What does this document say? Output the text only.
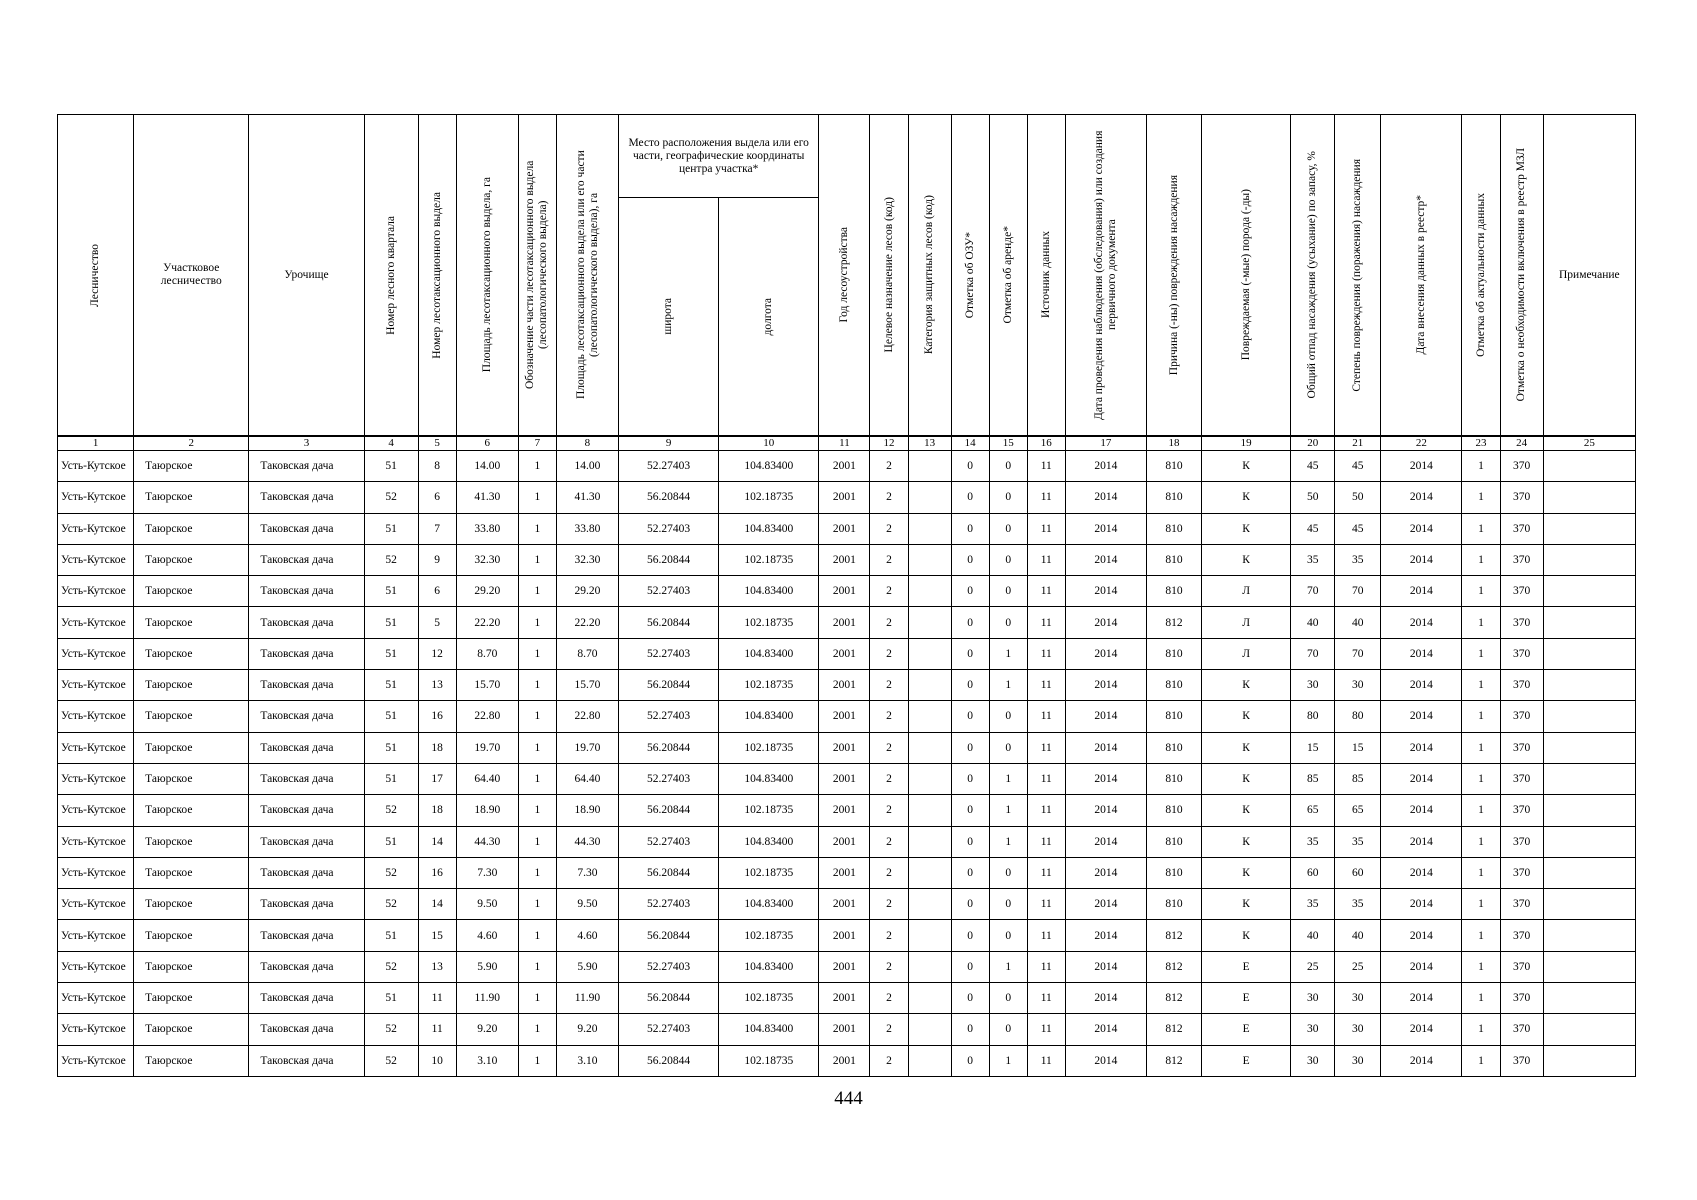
Лесничество	Участковое лесничество	Урочище	Номер лесного квартала	Номер лесотаксационного выдела	Площадь лесотаксационного выдела, га	Обозначение части лесотаксационного выдела (лесопатологического выдела)	Площадь лесотаксационного выдела или его части (лесопатологического выдела), га	Место расположения выдела или его части, географические координаты центра участка*		Год лесоустройства	Целевое назначение лесов (код)	Категория защитных лесов (код)	Отметка об ОЗУ*	Отметка об аренде*	Источник данных	Дата проведения наблюдения (обследования) или создания первичного документа	Причина (-ны) повреждения насаждения	Повреждаемая (-мые) порода (-ды)	Общий отпад насаждения (усыхание) по запасу, %	Степень повреждения (поражения) насаждения	Дата внесения данных в реестр*	Отметка об актуальности данных	Отметка о необходимости включения в реестр МЗЛ	Примечание

								широта	долгота															

1	2	3	4	5	6	7	8	9	10	11	12	13	14	15	16	17	18	19	20	21	22	23	24	25
Усть-Кутское	Таюрское	Таковская дача	51	8	14.00	1	14.00	52.27403	104.83400	2001	2		0	0	11	2014	810	К	45	45	2014	1	370	
Усть-Кутское	Таюрское	Таковская дача	52	6	41.30	1	41.30	56.20844	102.18735	2001	2		0	0	11	2014	810	К	50	50	2014	1	370	
Усть-Кутское	Таюрское	Таковская дача	51	7	33.80	1	33.80	52.27403	104.83400	2001	2		0	0	11	2014	810	К	45	45	2014	1	370	
Усть-Кутское	Таюрское	Таковская дача	52	9	32.30	1	32.30	56.20844	102.18735	2001	2		0	0	11	2014	810	К	35	35	2014	1	370	
Усть-Кутское	Таюрское	Таковская дача	51	6	29.20	1	29.20	52.27403	104.83400	2001	2		0	0	11	2014	810	Л	70	70	2014	1	370	
Усть-Кутское	Таюрское	Таковская дача	51	5	22.20	1	22.20	56.20844	102.18735	2001	2		0	0	11	2014	812	Л	40	40	2014	1	370	
Усть-Кутское	Таюрское	Таковская дача	51	12	8.70	1	8.70	52.27403	104.83400	2001	2		0	1	11	2014	810	Л	70	70	2014	1	370	
Усть-Кутское	Таюрское	Таковская дача	51	13	15.70	1	15.70	56.20844	102.18735	2001	2		0	1	11	2014	810	К	30	30	2014	1	370	
Усть-Кутское	Таюрское	Таковская дача	51	16	22.80	1	22.80	52.27403	104.83400	2001	2		0	0	11	2014	810	К	80	80	2014	1	370	
Усть-Кутское	Таюрское	Таковская дача	51	18	19.70	1	19.70	56.20844	102.18735	2001	2		0	0	11	2014	810	К	15	15	2014	1	370	
Усть-Кутское	Таюрское	Таковская дача	51	17	64.40	1	64.40	52.27403	104.83400	2001	2		0	1	11	2014	810	К	85	85	2014	1	370	
Усть-Кутское	Таюрское	Таковская дача	52	18	18.90	1	18.90	56.20844	102.18735	2001	2		0	1	11	2014	810	К	65	65	2014	1	370	
Усть-Кутское	Таюрское	Таковская дача	51	14	44.30	1	44.30	52.27403	104.83400	2001	2		0	1	11	2014	810	К	35	35	2014	1	370	
Усть-Кутское	Таюрское	Таковская дача	52	16	7.30	1	7.30	56.20844	102.18735	2001	2		0	0	11	2014	810	К	60	60	2014	1	370	
Усть-Кутское	Таюрское	Таковская дача	52	14	9.50	1	9.50	52.27403	104.83400	2001	2		0	0	11	2014	810	К	35	35	2014	1	370	
Усть-Кутское	Таюрское	Таковская дача	51	15	4.60	1	4.60	56.20844	102.18735	2001	2		0	0	11	2014	812	К	40	40	2014	1	370	
Усть-Кутское	Таюрское	Таковская дача	52	13	5.90	1	5.90	52.27403	104.83400	2001	2		0	1	11	2014	812	Е	25	25	2014	1	370	
Усть-Кутское	Таюрское	Таковская дача	51	11	11.90	1	11.90	56.20844	102.18735	2001	2		0	0	11	2014	812	Е	30	30	2014	1	370	
Усть-Кутское	Таюрское	Таковская дача	52	11	9.20	1	9.20	52.27403	104.83400	2001	2		0	0	11	2014	812	Е	30	30	2014	1	370	
Усть-Кутское	Таюрское	Таковская дача	52	10	3.10	1	3.10	56.20844	102.18735	2001	2		0	1	11	2014	812	Е	30	30	2014	1	370	
444
